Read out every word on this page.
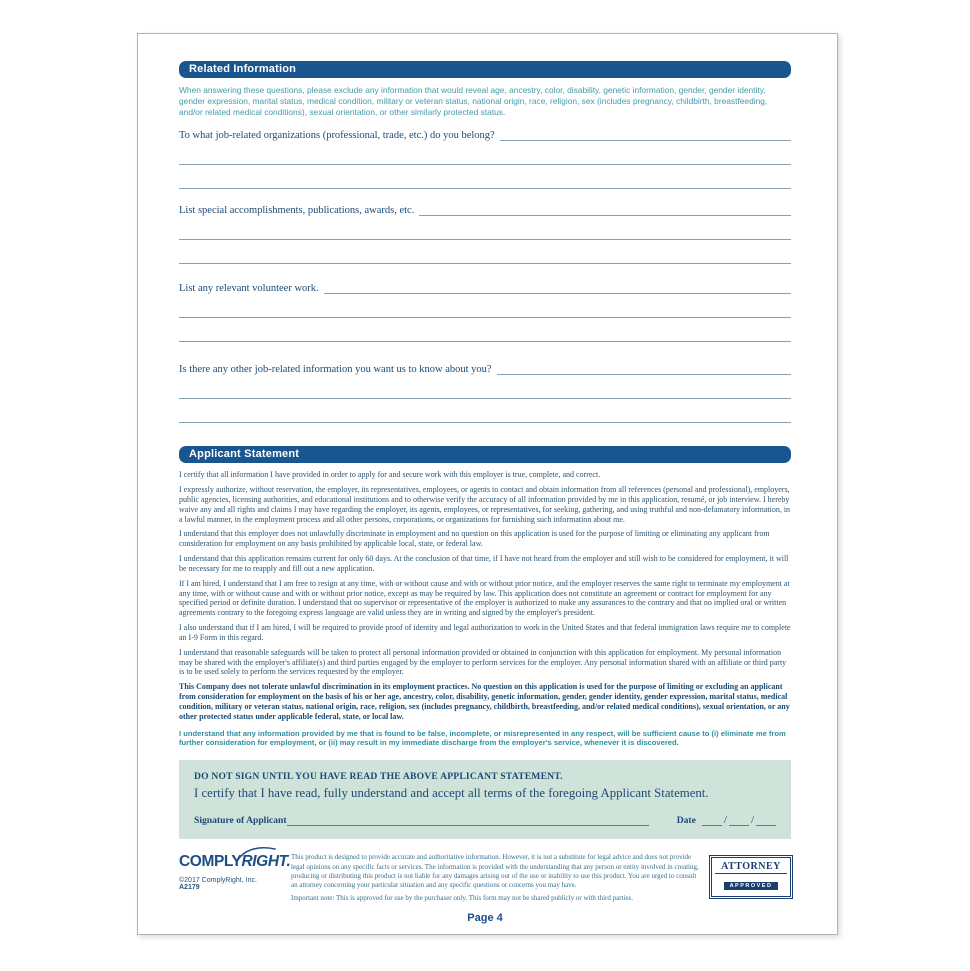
Related Information
When answering these questions, please exclude any information that would reveal age, ancestry, color, disability, genetic information, gender, gender identity, gender expression, marital status, medical condition, military or veteran status, national origin, race, religion, sex (includes pregnancy, childbirth, breastfeeding, and/or related medical conditions), sexual orientation, or other similarly protected status.
To what job-related organizations (professional, trade, etc.) do you belong?
List special accomplishments, publications, awards, etc.
List any relevant volunteer work.
Is there any other job-related information you want us to know about you?
Applicant Statement

I certify that all information I have provided in order to apply for and secure work with this employer is true, complete, and correct.

I expressly authorize, without reservation, the employer, its representatives, employees, or agents to contact and obtain information from all references (personal and professional), employers, public agencies, licensing authorities, and educational institutions and to otherwise verify the accuracy of all information provided by me in this application, resumé, or job interview. I hereby waive any and all rights and claims I may have regarding the employer, its agents, employees, or representatives, for seeking, gathering, and using truthful and non-defamatory information, in a lawful manner, in the employment process and all other persons, corporations, or organizations for furnishing such information about me.

I understand that this employer does not unlawfully discriminate in employment and no question on this application is used for the purpose of limiting or eliminating any applicant from consideration for employment on any basis prohibited by applicable local, state, or federal law.

I understand that this application remains current for only 60 days. At the conclusion of that time, if I have not heard from the employer and still wish to be considered for employment, it will be necessary for me to reapply and fill out a new application.

If I am hired, I understand that I am free to resign at any time, with or without cause and with or without prior notice, and the employer reserves the same right to terminate my employment at any time, with or without cause and with or without prior notice, except as may be required by law. This application does not constitute an agreement or contract for employment for any specified period or definite duration. I understand that no supervisor or representative of the employer is authorized to make any assurances to the contrary and that no implied oral or written agreements contrary to the foregoing express language are valid unless they are in writing and signed by the employer's president.

I also understand that if I am hired, I will be required to provide proof of identity and legal authorization to work in the United States and that federal immigration laws require me to complete an I-9 Form in this regard.

I understand that reasonable safeguards will be taken to protect all personal information provided or obtained in conjunction with this application for employment. My personal information may be shared with the employer's affiliate(s) and third parties engaged by the employer to perform services for the employer. Any personal information shared with an affiliate or third party is to be used solely to perform the services requested by the employer.

This Company does not tolerate unlawful discrimination in its employment practices. No question on this application is used for the purpose of limiting or excluding an applicant from consideration for employment on the basis of his or her age, ancestry, color, disability, genetic information, gender, gender identity, gender expression, marital status, medical condition, military or veteran status, national origin, race, religion, sex (includes pregnancy, childbirth, breastfeeding, and/or related medical conditions), sexual orientation, or any other protected status under applicable federal, state, or local law.

I understand that any information provided by me that is found to be false, incomplete, or misrepresented in any respect, will be sufficient cause to (i) eliminate me from further consideration for employment, or (ii) may result in my immediate discharge from the employer's service, whenever it is discovered.

DO NOT SIGN UNTIL YOU HAVE READ THE ABOVE APPLICANT STATEMENT.
I certify that I have read, fully understand and accept all terms of the foregoing Applicant Statement.
Signature of Applicant	Date	/ /
COMPLYRIGHT.
©2017 ComplyRight, Inc.
A2179
This product is designed to provide accurate and authoritative information. However, it is not a substitute for legal advice and does not provide legal opinions on any specific facts or services. The information is provided with the understanding that any person or entity involved in creating, producing or distributing this product is not liable for any damages arising out of the use or inability to use this product. You are urged to consult an attorney concerning your particular situation and any specific questions or concerns you may have.
Important note: This is approved for use by the purchaser only. This form may not be shared publicly or with third parties.
ATTORNEY
APPROVED
Page 4
